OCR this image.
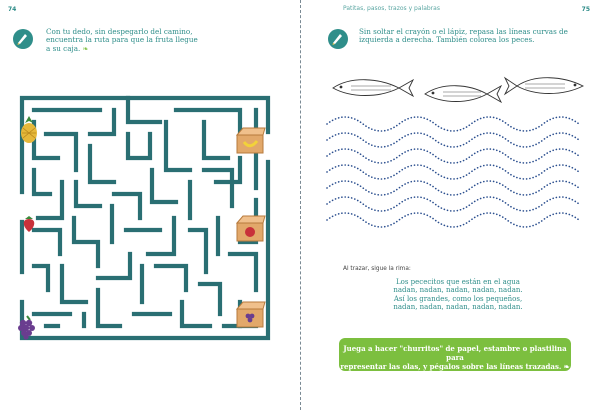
74
Con tu dedo, sin despegarlo del camino,
encuentra la ruta para que la fruta llegue
a su caja. ❧
Patitas, pasos, trazos y palabras	75
Sin soltar el crayón o el lápiz, repasa las líneas curvas de
izquierda a derecha. También colorea los peces.
Al trazar, sigue la rima:
Los pececitos que están en el agua
nadan, nadan, nadan, nadan, nadan.
Así los grandes, como los pequeños,
nadan, nadan, nadan, nadan, nadan.
Juega a hacer "churritos" de papel, estambre o plastilina para
representar las olas, y pégalos sobre las líneas trazadas. ❧
